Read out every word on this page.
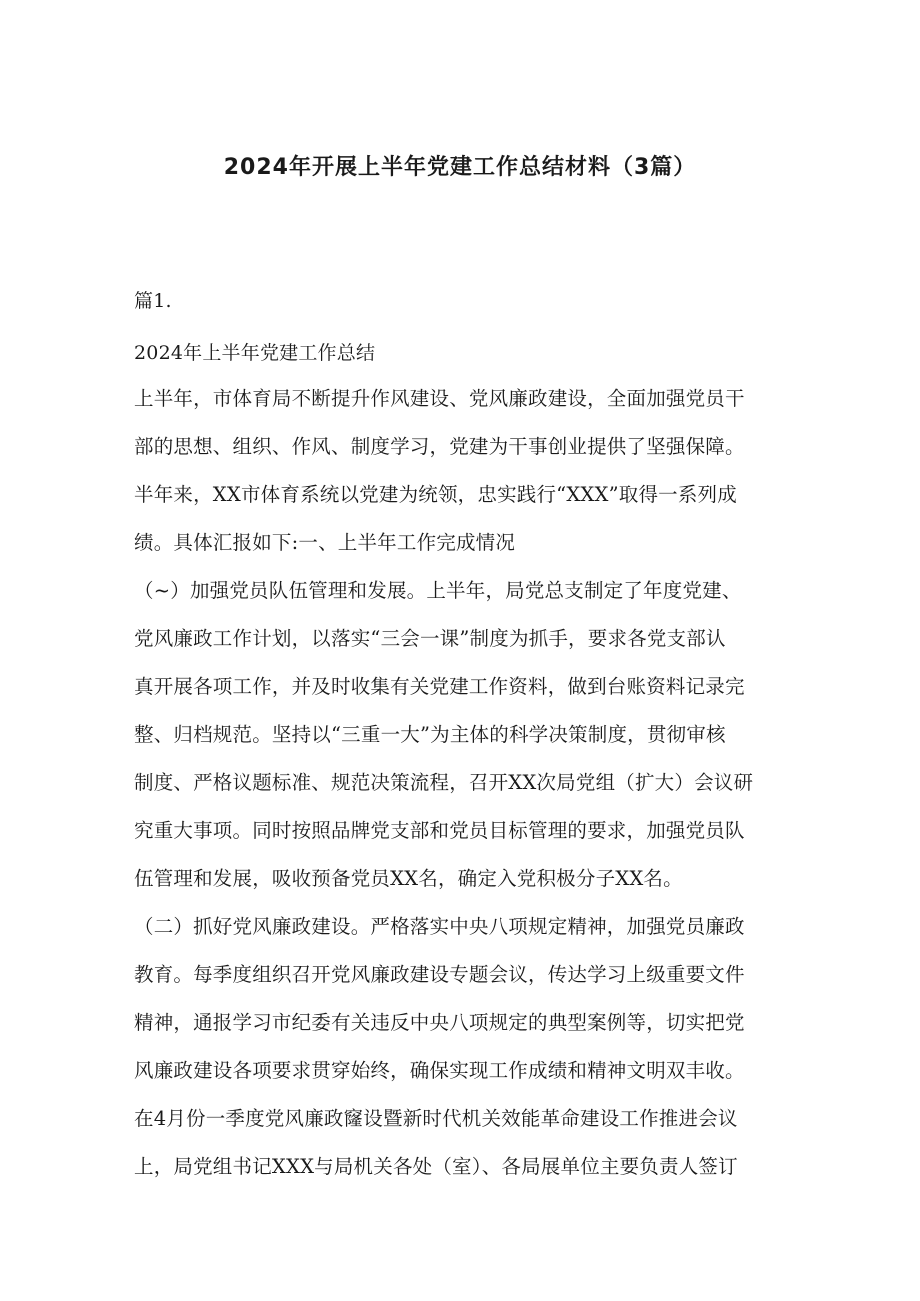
2024年开展上半年党建工作总结材料（3篇）
篇1.
2024年上半年党建工作总结
上半年，市体育局不断提升作风建设、党风廉政建设，全面加强党员干
部的思想、组织、作风、制度学习，党建为干事创业提供了坚强保障。
半年来，XX市体育系统以党建为统领，忠实践行“XXX”取得一系列成
绩。具体汇报如下:一、上半年工作完成情况
（~）加强党员队伍管理和发展。上半年，局党总支制定了年度党建、
党风廉政工作计划，以落实“三会一课”制度为抓手，要求各党支部认
真开展各项工作，并及时收集有关党建工作资料，做到台账资料记录完
整、归档规范。坚持以“三重一大”为主体的科学决策制度，贯彻审核
制度、严格议题标准、规范决策流程，召开XX次局党组（扩大）会议研
究重大事项。同时按照品牌党支部和党员目标管理的要求，加强党员队
伍管理和发展，吸收预备党员XX名，确定入党积极分子XX名。
（二）抓好党风廉政建设。严格落实中央八项规定精神，加强党员廉政
教育。每季度组织召开党风廉政建设专题会议，传达学习上级重要文件
精神，通报学习市纪委有关违反中央八项规定的典型案例等，切实把党
风廉政建设各项要求贯穿始终，确保实现工作成绩和精神文明双丰收。
在4月份一季度党风廉政窿设暨新时代机关效能革命建设工作推进会议
上，局党组书记XXX与局机关各处（室）、各局展单位主要负责人签订
